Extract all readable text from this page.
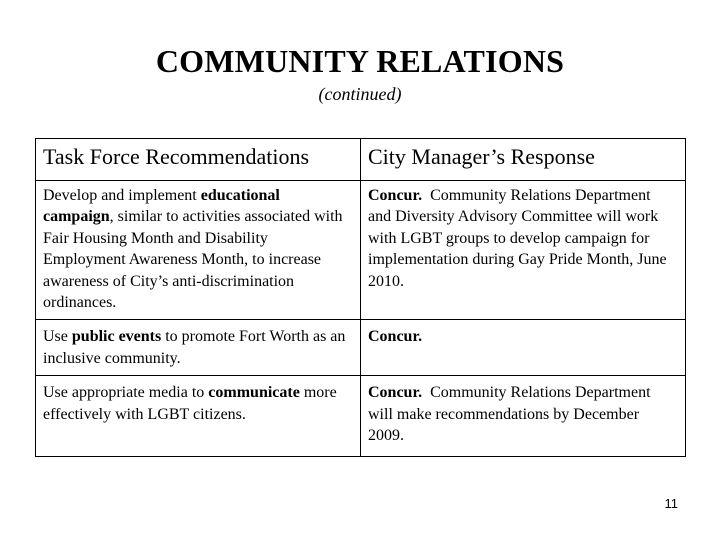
COMMUNITY RELATIONS
(continued)
Task Force Recommendations	City Manager’s Response
Develop and implement educational campaign, similar to activities associated with Fair Housing Month and Disability Employment Awareness Month, to increase awareness of City’s anti-discrimination ordinances.	Concur.  Community Relations Department and Diversity Advisory Committee will work with LGBT groups to develop campaign for implementation during Gay Pride Month, June 2010.
Use public events to promote Fort Worth as an inclusive community.	Concur.
Use appropriate media to communicate more effectively with LGBT citizens.	Concur.  Community Relations Department will make recommendations by December 2009.
11
